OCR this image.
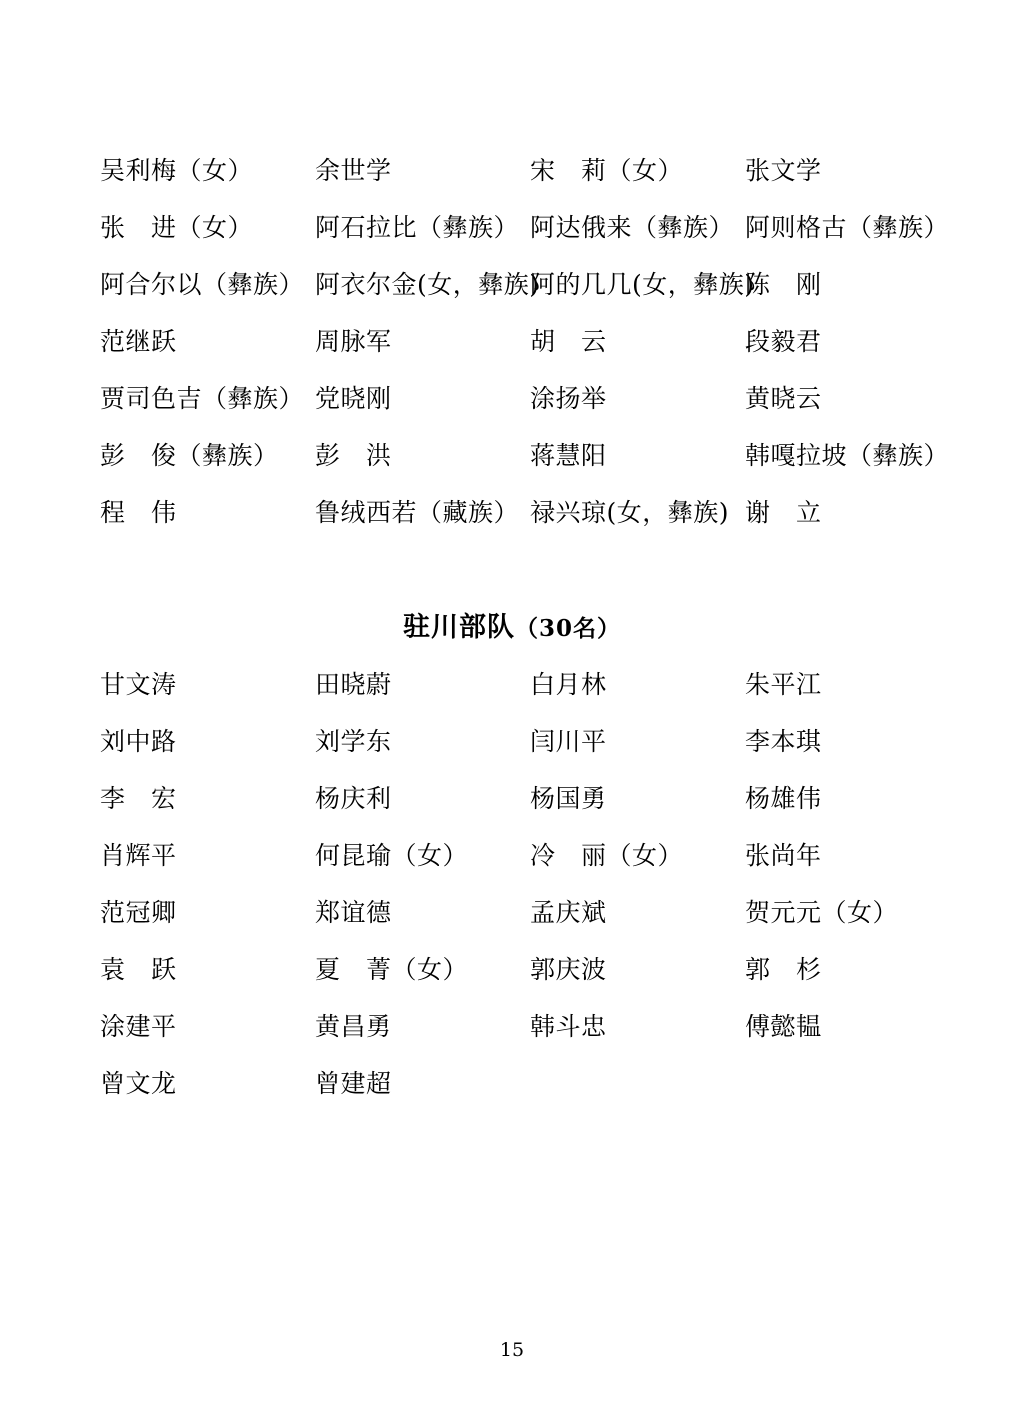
吴利梅（女）	余世学	宋　莉（女）	张文学
张　进（女）	阿石拉比（彝族）	阿达俄来（彝族）	阿则格古（彝族）
阿合尔以（彝族）	阿衣尔金(女，彝族)	阿的几几(女，彝族)	陈　刚
范继跃	周脉军	胡　云	段毅君
贾司色吉（彝族）	党晓刚	涂扬举	黄晓云
彭　俊（彝族）	彭　洪	蒋慧阳	韩嘎拉坡（彝族）
程　伟	鲁绒西若（藏族）	禄兴琼(女，彝族)	谢　立
驻川部队（30名）
甘文涛	田晓蔚	白月林	朱平江
刘中路	刘学东	闫川平	李本琪
李　宏	杨庆利	杨国勇	杨雄伟
肖辉平	何昆瑜（女）	冷　丽（女）	张尚年
范冠卿	郑谊德	孟庆斌	贺元元（女）
袁　跃	夏　菁（女）	郭庆波	郭　杉
涂建平	黄昌勇	韩斗忠	傅懿韫
曾文龙	曾建超		
15
